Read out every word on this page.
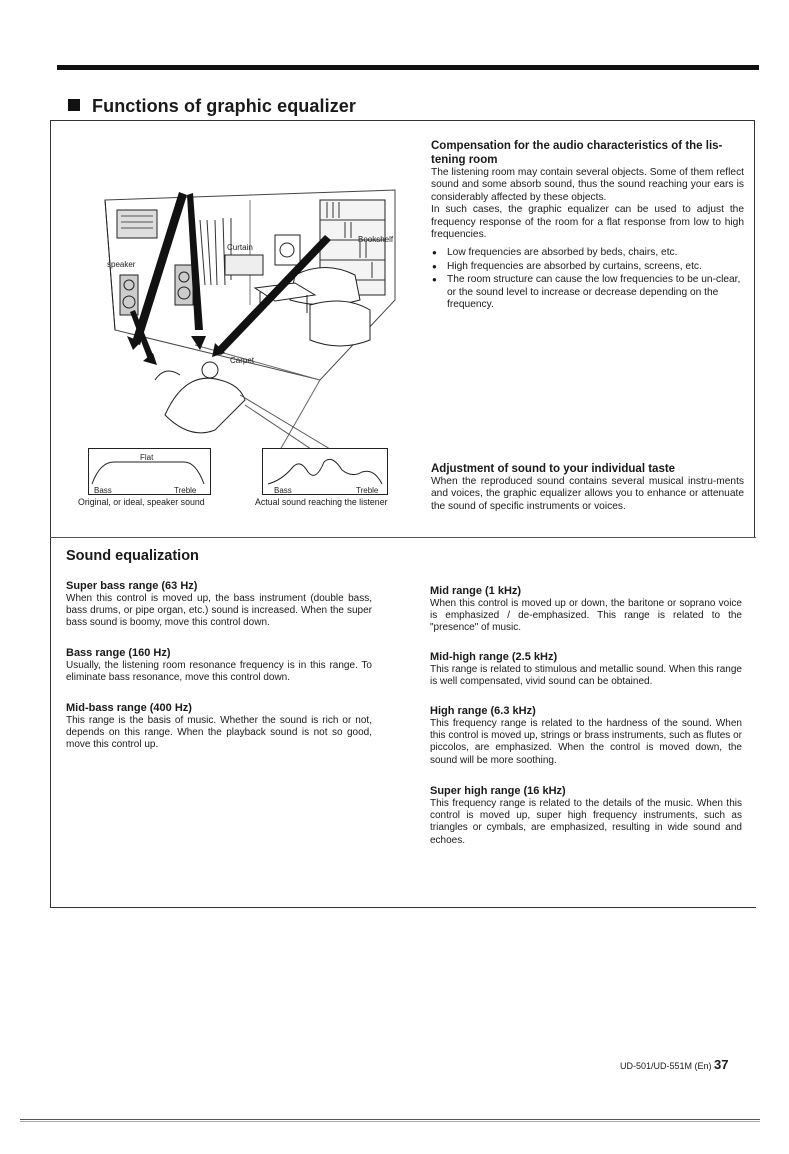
Functions of graphic equalizer
speaker
Curtain
Bookshelf
Carpet
Flat
Bass	Treble
Original, or ideal, speaker sound
Bass	Treble
Actual sound reaching the listener
Compensation for the audio characteristics of the lis-tening room

The listening room may contain several objects. Some of them reflect sound and some absorb sound, thus the sound reaching your ears is considerably affected by these objects.

In such cases, the graphic equalizer can be used to adjust the frequency response of the room for a flat response from low to high frequencies.

● Low frequencies are absorbed by beds, chairs, etc.
● High frequencies are absorbed by curtains, screens, etc.
● The room structure can cause the low frequencies to be un-clear, or the sound level to increase or decrease depending on the frequency.
Adjustment of sound to your individual taste

When the reproduced sound contains several musical instru-ments and voices, the graphic equalizer allows you to enhance or attenuate the sound of specific instruments or voices.

Sound equalization
Super bass range (63 Hz)

When this control is moved up, the bass instrument (double bass, bass drums, or pipe organ, etc.) sound is increased. When the super bass sound is boomy, move this control down.

Bass range (160 Hz)

Usually, the listening room resonance frequency is in this range. To eliminate bass resonance, move this control down.

Mid-bass range (400 Hz)

This range is the basis of music. Whether the sound is rich or not, depends on this range. When the playback sound is not so good, move this control up.

Mid range (1 kHz)

When this control is moved up or down, the baritone or soprano voice is emphasized / de-emphasized. This range is related to the "presence" of music.

Mid-high range (2.5 kHz)

This range is related to stimulous and metallic sound. When this range is well compensated, vivid sound can be obtained.

High range (6.3 kHz)

This frequency range is related to the hardness of the sound. When this control is moved up, strings or brass instruments, such as flutes or piccolos, are emphasized. When the control is moved down, the sound will be more soothing.

Super high range (16 kHz)

This frequency range is related to the details of the music. When this control is moved up, super high frequency instruments, such as triangles or cymbals, are emphasized, resulting in wide sound and echoes.

UD-501/UD-551M (En) 37
